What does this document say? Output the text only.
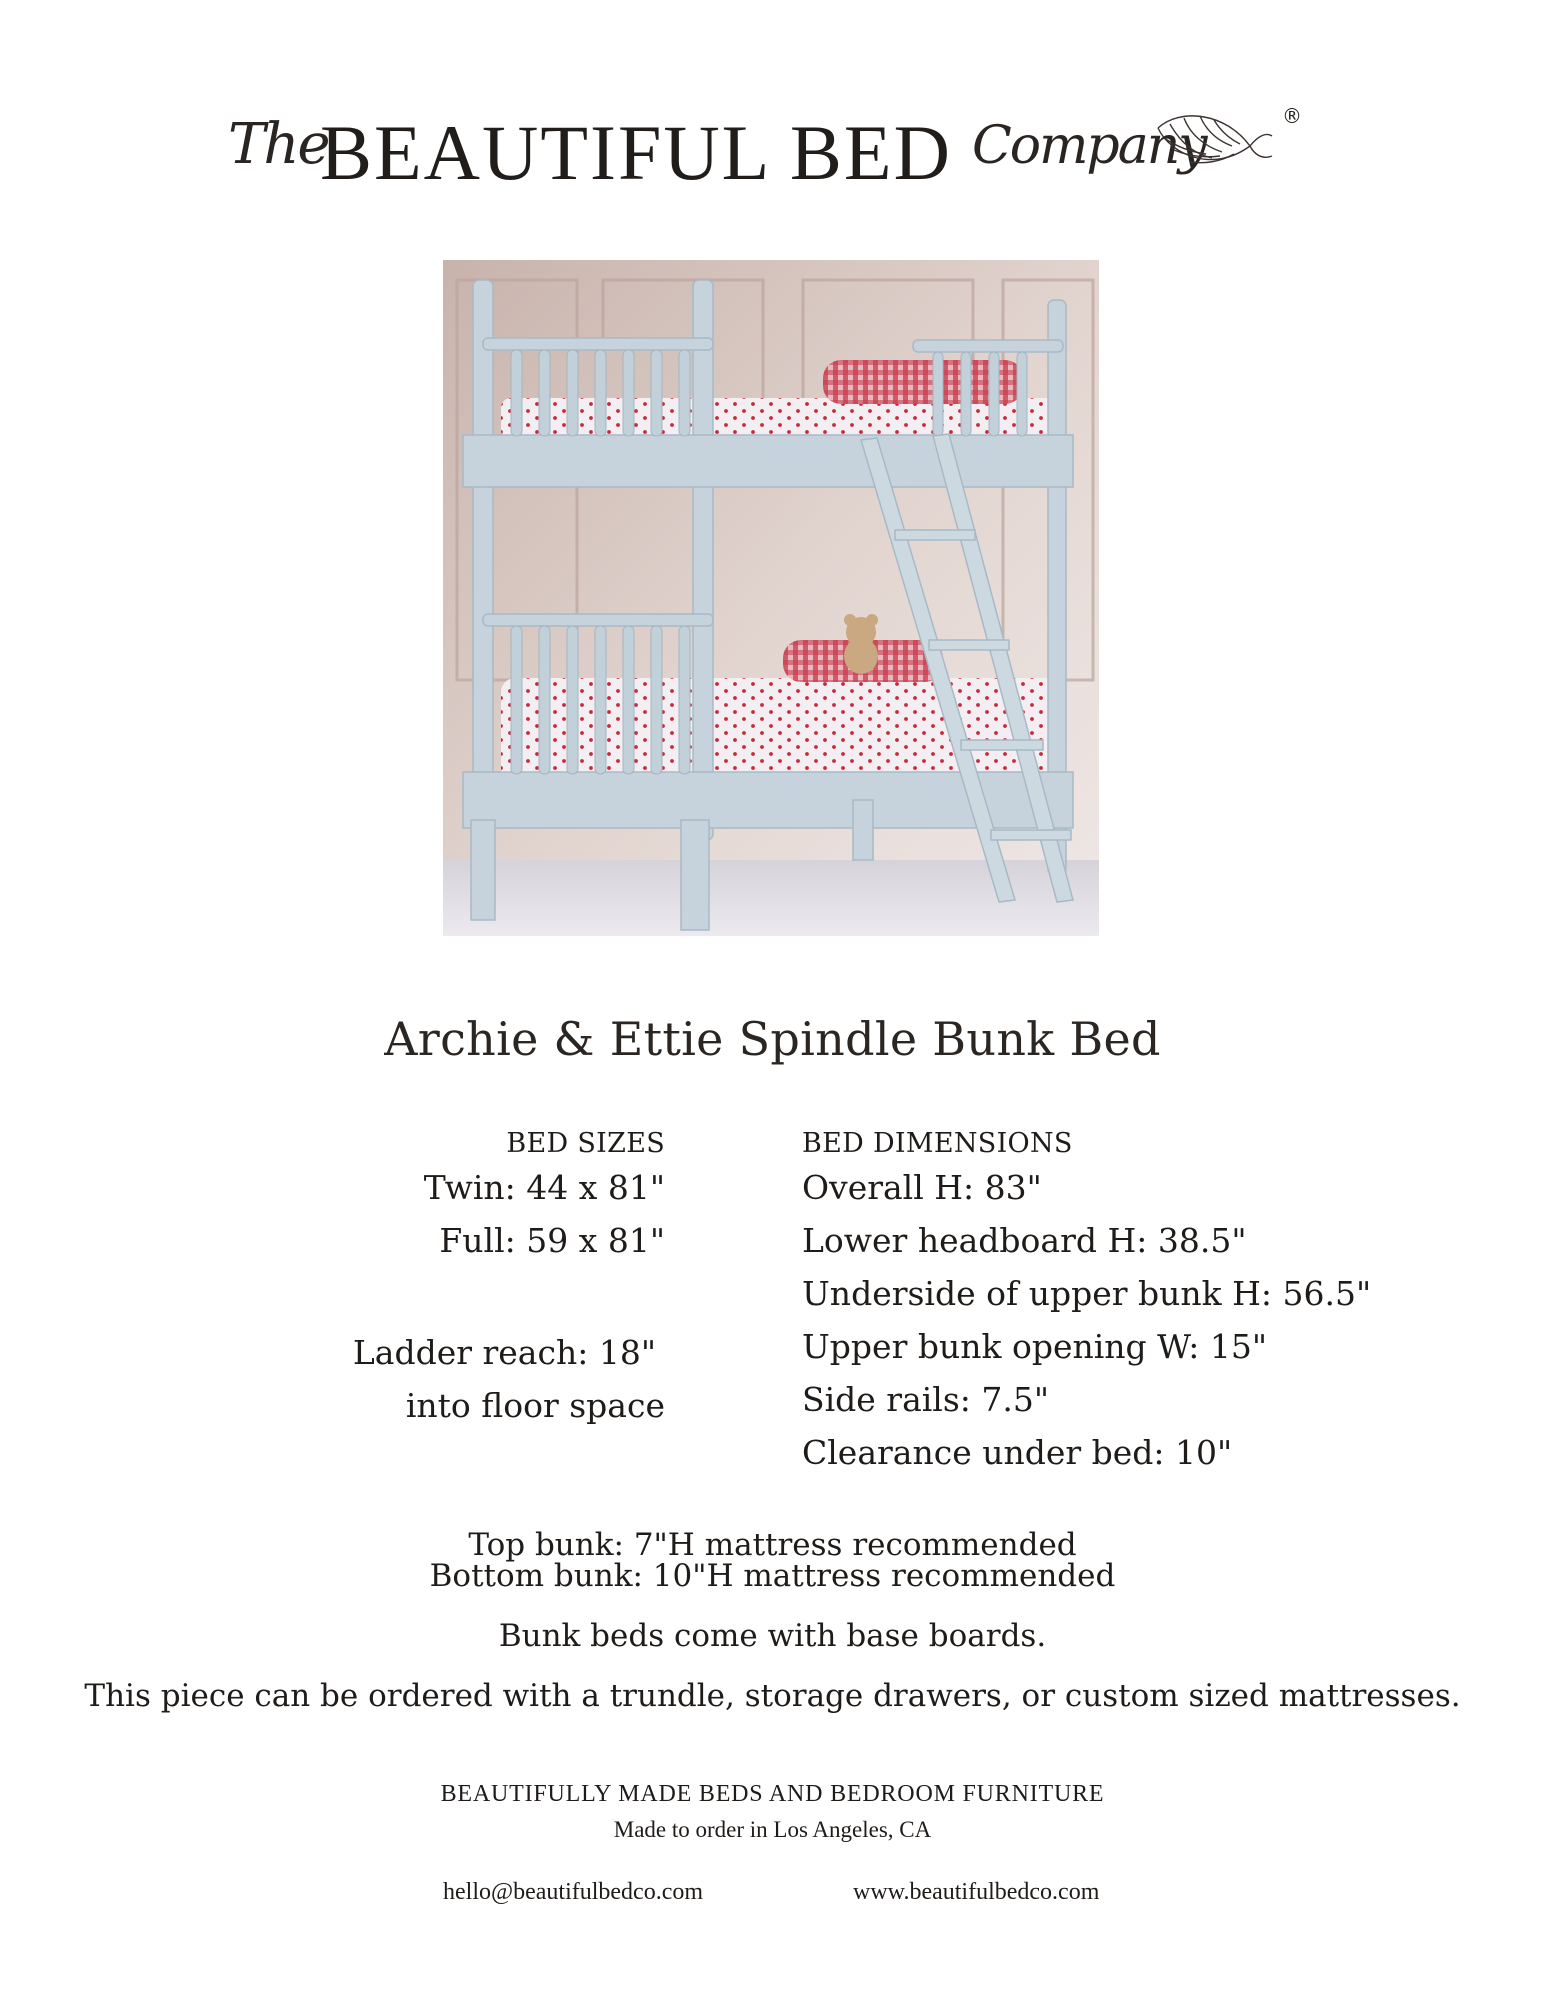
The
BEAUTIFUL BED Company	®
Archie & Ettie Spindle Bunk Bed
BED SIZES
Twin: 44 x 81"
Full: 59 x 81"
Ladder reach: 18"
into floor space
BED DIMENSIONS
Overall H: 83"
Lower headboard H: 38.5"
Underside of upper bunk H: 56.5"
Upper bunk opening W: 15"
Side rails: 7.5"
Clearance under bed: 10"
Top bunk: 7"H mattress recommended
Bottom bunk: 10"H mattress recommended
Bunk beds come with base boards.
This piece can be ordered with a trundle, storage drawers, or custom sized mattresses.
BEAUTIFULLY MADE BEDS AND BEDROOM FURNITURE
Made to order in Los Angeles, CA
hello@beautifulbedco.com	www.beautifulbedco.com
